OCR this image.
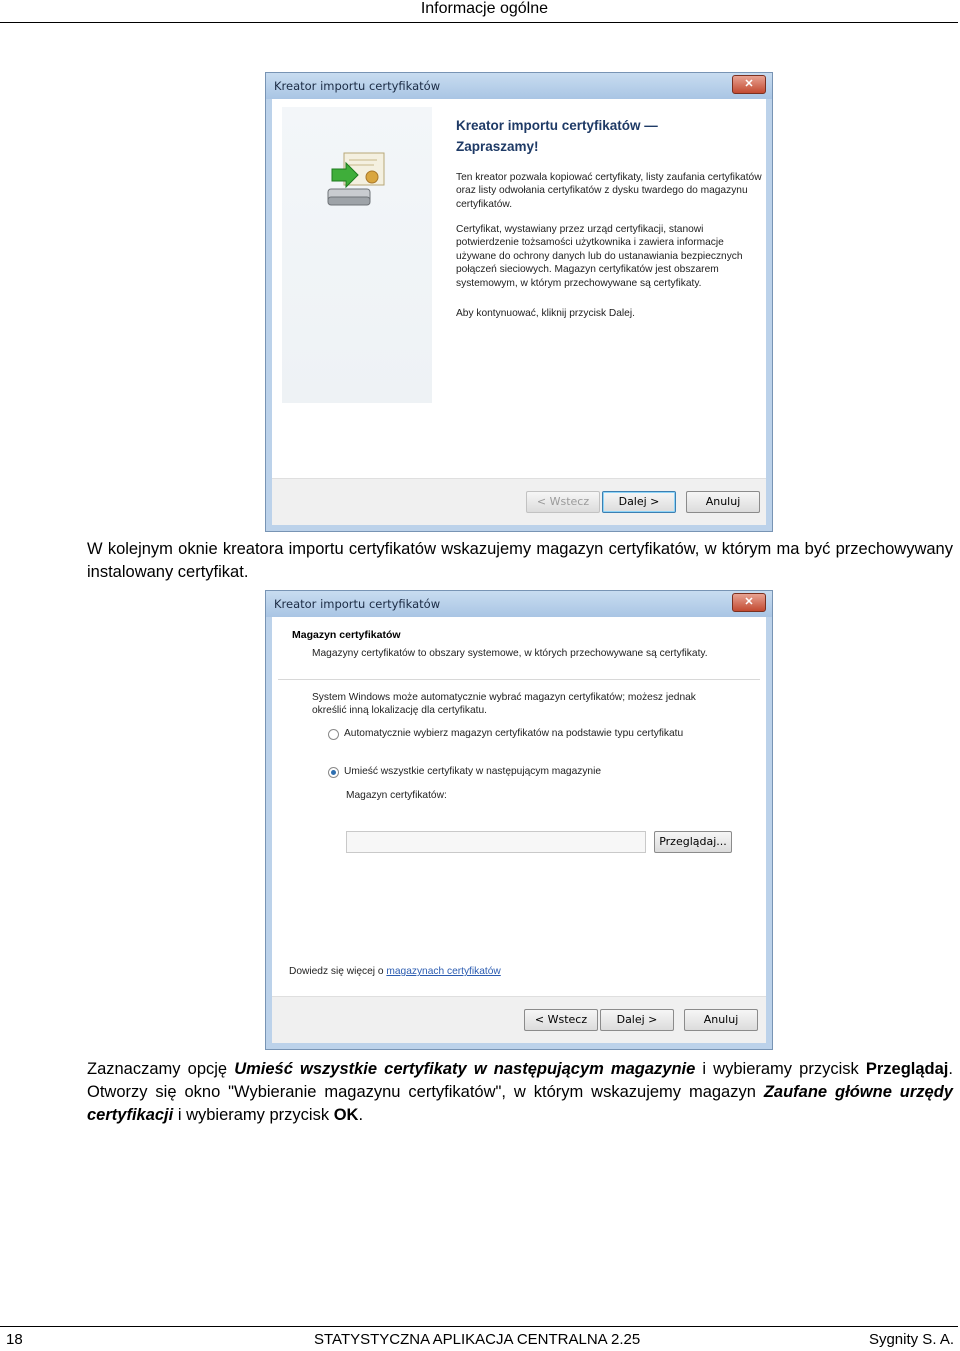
Informacje ogólne
Kreator importu certyfikatów	✕
Kreator importu certyfikatów —
Zapraszamy!
Ten kreator pozwala kopiować certyfikaty, listy zaufania certyfikatów oraz listy odwołania certyfikatów z dysku twardego do magazynu certyfikatów.
Certyfikat, wystawiany przez urząd certyfikacji, stanowi potwierdzenie tożsamości użytkownika i zawiera informacje używane do ochrony danych lub do ustanawiania bezpiecznych połączeń sieciowych. Magazyn certyfikatów jest obszarem systemowym, w którym przechowywane są certyfikaty.
Aby kontynuować, kliknij przycisk Dalej.
< Wstecz	Dalej >	Anuluj
W kolejnym oknie kreatora importu certyfikatów wskazujemy magazyn certyfikatów, w którym ma być przechowywany instalowany certyfikat.
Kreator importu certyfikatów	✕
Magazyn certyfikatów
Magazyny certyfikatów to obszary systemowe, w których przechowywane są certyfikaty.
System Windows może automatycznie wybrać magazyn certyfikatów; możesz jednak określić inną lokalizację dla certyfikatu.
Automatycznie wybierz magazyn certyfikatów na podstawie typu certyfikatu
Umieść wszystkie certyfikaty w następującym magazynie
Magazyn certyfikatów:
Przeglądaj...
Dowiedz się więcej o magazynach certyfikatów
< Wstecz	Dalej >	Anuluj
Zaznaczamy opcję Umieść wszystkie certyfikaty w następującym magazynie i wybieramy przycisk Przeglądaj. Otworzy się okno "Wybieranie magazynu certyfikatów", w którym wskazujemy magazyn Zaufane główne urzędy certyfikacji i wybieramy przycisk OK.
18	STATYSTYCZNA APLIKACJA CENTRALNA 2.25	Sygnity S. A.
